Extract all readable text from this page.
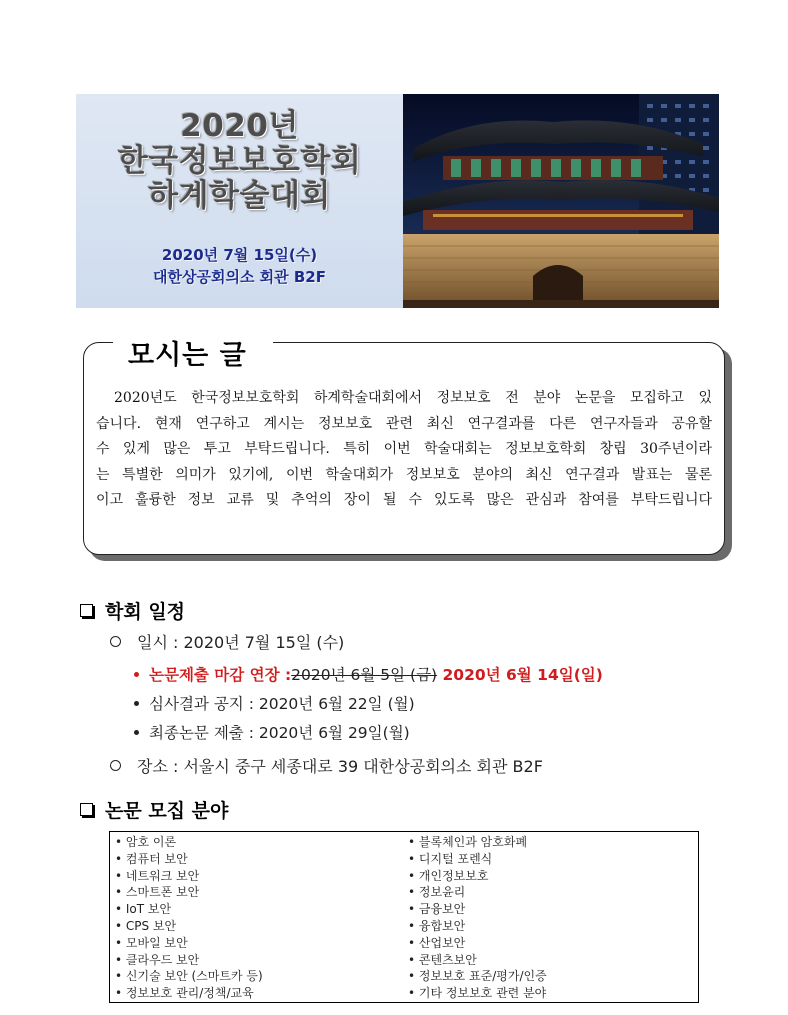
2020년
한국정보보호학회
하계학술대회
2020년 7월 15일(수)
대한상공회의소 회관 B2F
모시는 글
2020년도 한국정보보호학회 하계학술대회에서 정보보호 전 분야 논문을 모집하고 있
습니다. 현재 연구하고 계시는 정보보호 관련 최신 연구결과를 다른 연구자들과 공유할
수 있게 많은 투고 부탁드립니다. 특히 이번 학술대회는 정보보호학회 창립 30주년이라
는 특별한 의미가 있기에, 이번 학술대회가 정보보호 분야의 최신 연구결과 발표는 물론
이고 훌륭한 정보 교류 및 추억의 장이 될 수 있도록 많은 관심과 참여를 부탁드립니다
학회 일정
일시 : 2020년 7월 15일 (수)
논문제출 마감 연장 : 2020년 6월 5일 (금) 2020년 6월 14일(일)
심사결과 공지 : 2020년 6월 22일 (월)
최종논문 제출 : 2020년 6월 29일(월)
장소 : 서울시 중구 세종대로 39 대한상공회의소 회관 B2F
논문 모집 분야
• 암호 이론
• 컴퓨터 보안
• 네트워크 보안
• 스마트폰 보안
• IoT 보안
• CPS 보안
• 모바일 보안
• 클라우드 보안
• 신기술 보안 (스마트카 등)
• 정보보호 관리/정책/교육
• 블록체인과 암호화폐
• 디지털 포렌식
• 개인정보보호
• 정보윤리
• 금융보안
• 융합보안
• 산업보안
• 콘텐츠보안
• 정보보호 표준/평가/인증
• 기타 정보보호 관련 분야
